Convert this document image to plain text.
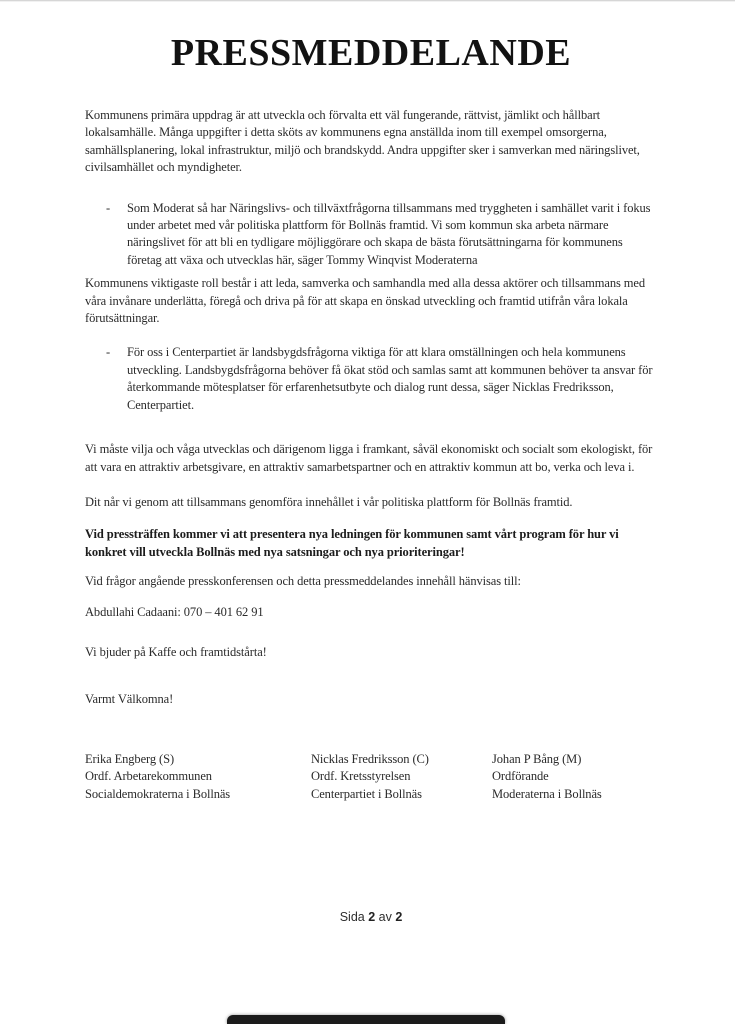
PRESSMEDDELANDE

Kommunens primära uppdrag är att utveckla och förvalta ett väl fungerande, rättvist, jämlikt och hållbart lokalsamhälle. Många uppgifter i detta sköts av kommunens egna anställda inom till exempel omsorgerna, samhällsplanering, lokal infrastruktur, miljö och brandskydd. Andra uppgifter sker i samverkan med näringslivet, civilsamhället och myndigheter.

- Som Moderat så har Näringslivs- och tillväxtfrågorna tillsammans med tryggheten i samhället varit i fokus under arbetet med vår politiska plattform för Bollnäs framtid. Vi som kommun ska arbeta närmare näringslivet för att bli en tydligare möjliggörare och skapa de bästa förutsättningarna för kommunens företag att växa och utvecklas här, säger Tommy Winqvist Moderaterna

Kommunens viktigaste roll består i att leda, samverka och samhandla med alla dessa aktörer och tillsammans med våra invånare underlätta, föregå och driva på för att skapa en önskad utveckling och framtid utifrån våra lokala förutsättningar.

- För oss i Centerpartiet är landsbygdsfrågorna viktiga för att klara omställningen och hela kommunens utveckling. Landsbygdsfrågorna behöver få ökat stöd och samlas samt att kommunen behöver ta ansvar för återkommande mötesplatser för erfarenhetsutbyte och dialog runt dessa, säger Nicklas Fredriksson, Centerpartiet.

Vi måste vilja och våga utvecklas och därigenom ligga i framkant, såväl ekonomiskt och socialt som ekologiskt, för att vara en attraktiv arbetsgivare, en attraktiv samarbetspartner och en attraktiv kommun att bo, verka och leva i.

Dit når vi genom att tillsammans genomföra innehållet i vår politiska plattform för Bollnäs framtid.

Vid pressträffen kommer vi att presentera nya ledningen för kommunen samt vårt program för hur vi konkret vill utveckla Bollnäs med nya satsningar och nya prioriteringar!

Vid frågor angående presskonferensen och detta pressmeddelandes innehåll hänvisas till:

Abdullahi Cadaani: 070 – 401 62 91

Vi bjuder på Kaffe och framtidstårta!

Varmt Välkomna!

Erika Engberg (S)

Ordf. Arbetarekommunen

Socialdemokraterna i Bollnäs

Nicklas Fredriksson (C)

Ordf. Kretsstyrelsen

Centerpartiet i Bollnäs

Johan P Bång (M)

Ordförande

Moderaterna i Bollnäs

Sida 2 av 2
